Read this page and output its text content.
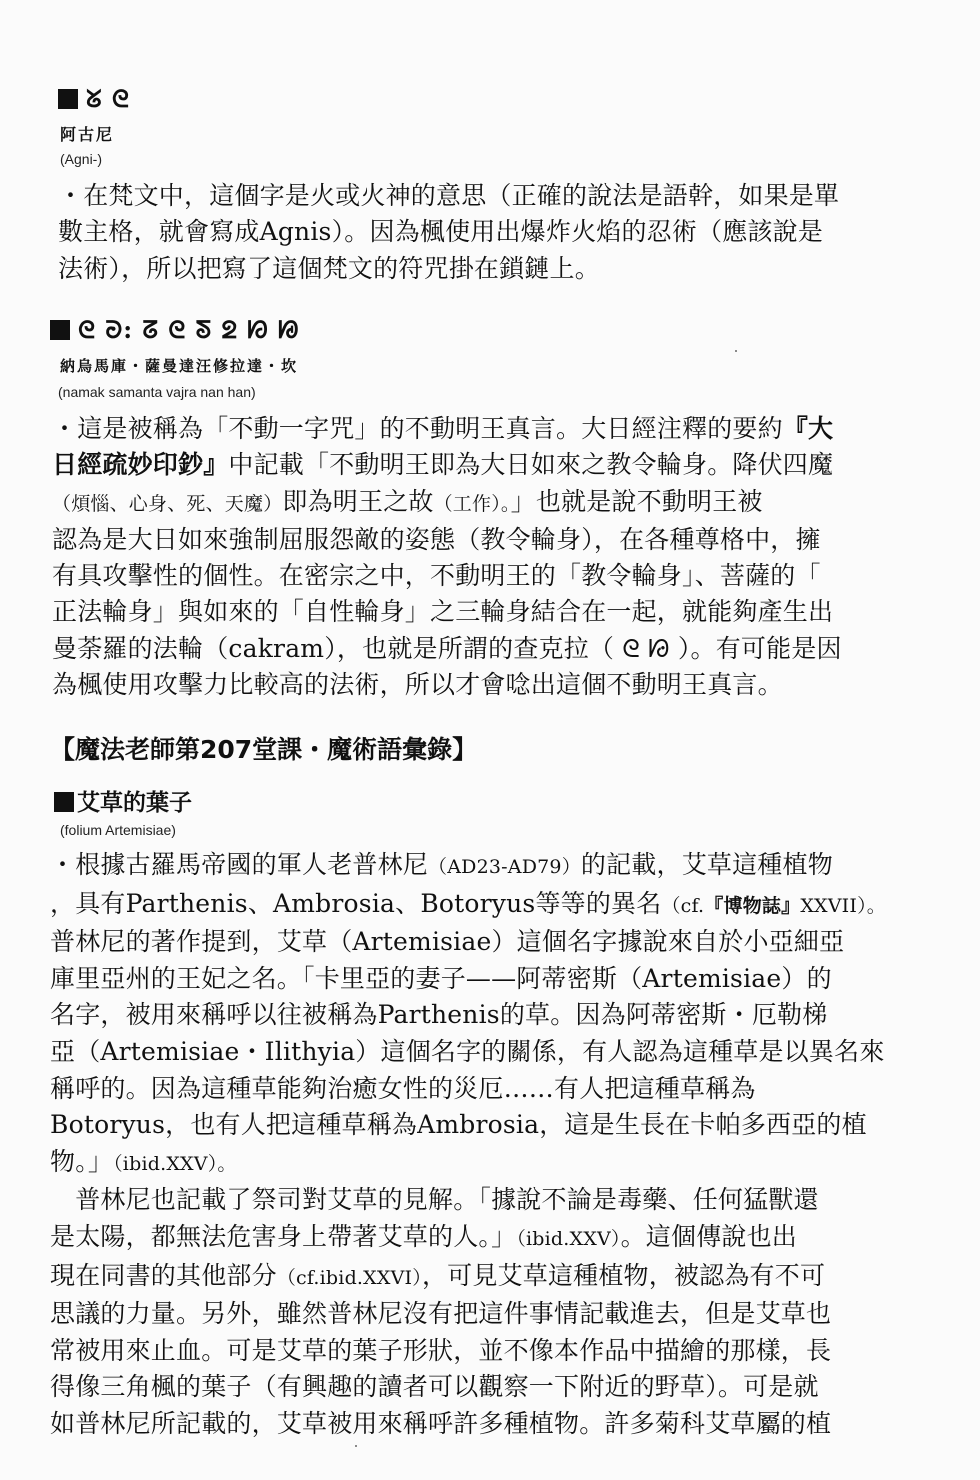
ᘜ ᘓ
阿古尼
(Agni-)
・在梵文中，這個字是火或火神的意思（正確的說法是語幹，如果是單
數主格，就會寫成Agnis）。因為楓使用出爆炸火焰的忍術（應該說是
法術），所以把寫了這個梵文的符咒掛在鎖鏈上。
ᘓ ᘒ: ᘔ ᘓ ᘕ ᘖ ᘗ ᘘ
納烏馬庫・薩曼達汪修拉達・坎
(namak samanta vajra nan han)
・這是被稱為「不動一字咒」的不動明王真言。大日經注釋的要約『大
日經疏妙印鈔』中記載「不動明王即為大日如來之教令輪身。降伏四魔
（煩惱、心身、死、天魔）即為明王之故（工作）。」也就是說不動明王被
認為是大日如來強制屈服怨敵的姿態（教令輪身），在各種尊格中，擁
有具攻擊性的個性。在密宗之中，不動明王的「教令輪身」、菩薩的「
正法輪身」與如來的「自性輪身」之三輪身結合在一起，就能夠產生出
曼荼羅的法輪（cakram），也就是所謂的查克拉（ ᘓ ᘙ ）。有可能是因
為楓使用攻擊力比較高的法術，所以才會唸出這個不動明王真言。
【魔法老師第207堂課・魔術語彙錄】
艾草的葉子
(folium Artemisiae)
・根據古羅馬帝國的軍人老普林尼（AD23-AD79）的記載，艾草這種植物
，具有Parthenis、Ambrosia、Botoryus等等的異名（cf.『博物誌』XXVII）。
普林尼的著作提到，艾草（Artemisiae）這個名字據說來自於小亞細亞
庫里亞州的王妃之名。「卡里亞的妻子——阿蒂密斯（Artemisiae）的
名字，被用來稱呼以往被稱為Parthenis的草。因為阿蒂密斯・厄勒梯
亞（Artemisiae・Ilithyia）這個名字的關係，有人認為這種草是以異名來
稱呼的。因為這種草能夠治癒女性的災厄……有人把這種草稱為
Botoryus，也有人把這種草稱為Ambrosia，這是生長在卡帕多西亞的植
物。」（ibid.XXV）。
　普林尼也記載了祭司對艾草的見解。「據說不論是毒藥、任何猛獸還
是太陽，都無法危害身上帶著艾草的人。」（ibid.XXV）。這個傳說也出
現在同書的其他部分（cf.ibid.XXVI），可見艾草這種植物，被認為有不可
思議的力量。另外，雖然普林尼沒有把這件事情記載進去，但是艾草也
常被用來止血。可是艾草的葉子形狀，並不像本作品中描繪的那樣，長
得像三角楓的葉子（有興趣的讀者可以觀察一下附近的野草）。可是就
如普林尼所記載的，艾草被用來稱呼許多種植物。許多菊科艾草屬的植
